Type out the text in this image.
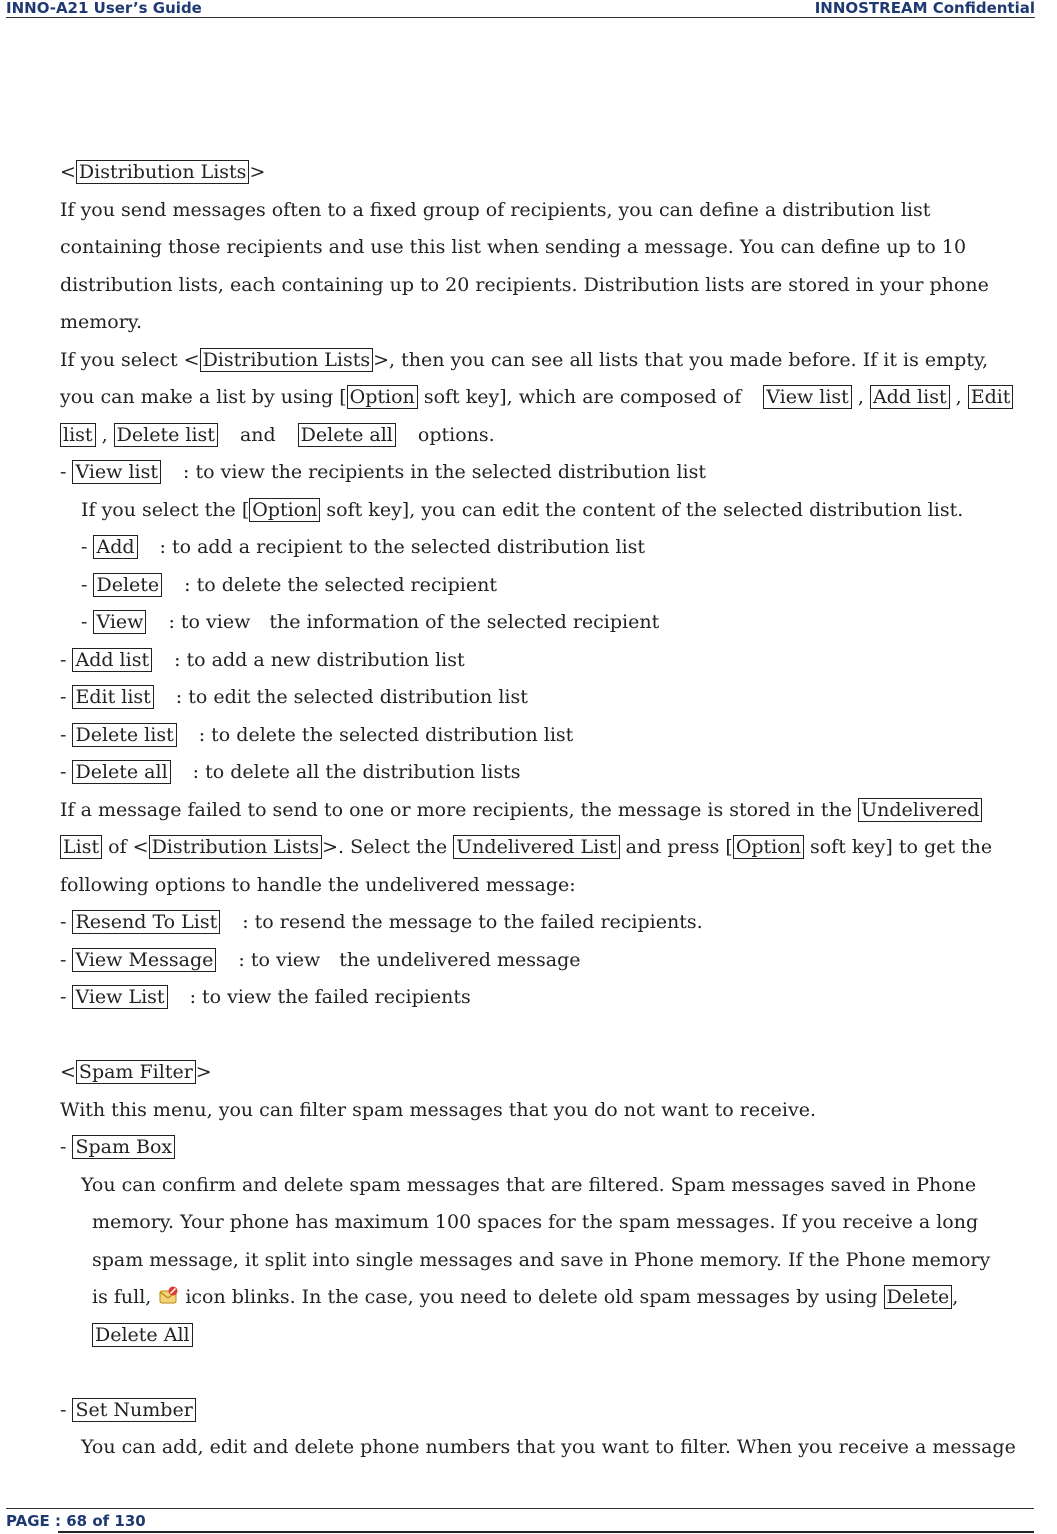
INNO-A21 User’s Guide	INNOSTREAM Confidential
< Distribution Lists >
If you send messages often to a fixed group of recipients, you can define a distribution list
containing those recipients and use this list when sending a message. You can define up to 10
distribution lists, each containing up to 20 recipients. Distribution lists are stored in your phone
memory.
If you select < Distribution Lists >, then you can see all lists that you made before. If it is empty,
you can make a list by using [ Option soft key], which are composed of View list , Add list , Edit
list , Delete list and Delete all options.
- View list : to view the recipients in the selected distribution list
If you select the [ Option soft key], you can edit the content of the selected distribution list.
- Add : to add a recipient to the selected distribution list
- Delete : to delete the selected recipient
- View : to view　the information of the selected recipient
- Add list : to add a new distribution list
- Edit list : to edit the selected distribution list
- Delete list : to delete the selected distribution list
- Delete all : to delete all the distribution lists
If a message failed to send to one or more recipients, the message is stored in the Undelivered
List of < Distribution Lists >. Select the Undelivered List and press [ Option soft key] to get the
following options to handle the undelivered message:
- Resend To List : to resend the message to the failed recipients.
- View Message : to view　the undelivered message
- View List : to view the failed recipients
< Spam Filter >
With this menu, you can filter spam messages that you do not want to receive.
- Spam Box
You can confirm and delete spam messages that are filtered. Spam messages saved in Phone
memory. Your phone has maximum 100 spaces for the spam messages. If you receive a long
spam message, it split into single messages and save in Phone memory. If the Phone memory
is full, icon blinks. In the case, you need to delete old spam messages by using Delete ,
Delete All
- Set Number
You can add, edit and delete phone numbers that you want to filter. When you receive a message
PAGE : 68 of 130
